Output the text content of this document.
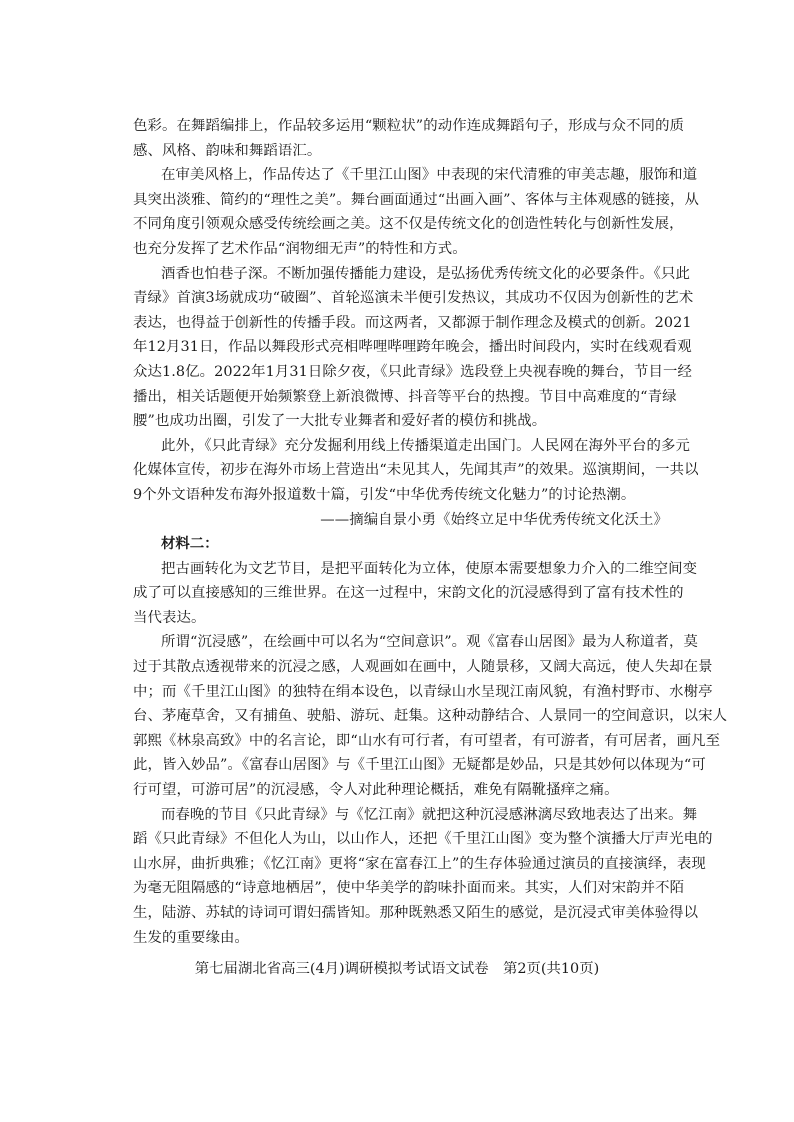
色彩。在舞蹈编排上，作品较多运用“颗粒状”的动作连成舞蹈句子，形成与众不同的质
感、风格、韵味和舞蹈语汇。
在审美风格上，作品传达了《千里江山图》中表现的宋代清雅的审美志趣，服饰和道
具突出淡雅、简约的“理性之美”。舞台画面通过“出画入画”、客体与主体观感的链接，从
不同角度引领观众感受传统绘画之美。这不仅是传统文化的创造性转化与创新性发展，
也充分发挥了艺术作品“润物细无声”的特性和方式。
酒香也怕巷子深。不断加强传播能力建设，是弘扬优秀传统文化的必要条件。《只此
青绿》首演3场就成功“破圈”、首轮巡演未半便引发热议，其成功不仅因为创新性的艺术
表达，也得益于创新性的传播手段。而这两者，又都源于制作理念及模式的创新。2021
年12月31日，作品以舞段形式亮相哔哩哔哩跨年晚会，播出时间段内，实时在线观看观
众达1.8亿。2022年1月31日除夕夜，《只此青绿》选段登上央视春晚的舞台，节目一经
播出，相关话题便开始频繁登上新浪微博、抖音等平台的热搜。节目中高难度的“青绿
腰”也成功出圈，引发了一大批专业舞者和爱好者的模仿和挑战。
此外，《只此青绿》充分发掘利用线上传播渠道走出国门。人民网在海外平台的多元
化媒体宣传，初步在海外市场上营造出“未见其人，先闻其声”的效果。巡演期间，一共以
9个外文语种发布海外报道数十篇，引发“中华优秀传统文化魅力”的讨论热潮。
——摘编自景小勇《始终立足中华优秀传统文化沃土》
材料二：
把古画转化为文艺节目，是把平面转化为立体，使原本需要想象力介入的二维空间变
成了可以直接感知的三维世界。在这一过程中，宋韵文化的沉浸感得到了富有技术性的
当代表达。
所谓“沉浸感”，在绘画中可以名为“空间意识”。观《富春山居图》最为人称道者，莫
过于其散点透视带来的沉浸之感，人观画如在画中，人随景移，又阔大高远，使人失却在景
中；而《千里江山图》的独特在绢本设色，以青绿山水呈现江南风貌，有渔村野市、水榭亭
台、茅庵草舍，又有捕鱼、驶船、游玩、赶集。这种动静结合、人景同一的空间意识，以宋人
郭熙《林泉高致》中的名言论，即“山水有可行者，有可望者，有可游者，有可居者，画凡至
此，皆入妙品”。《富春山居图》与《千里江山图》无疑都是妙品，只是其妙何以体现为“可
行可望，可游可居”的沉浸感，令人对此种理论概括，难免有隔靴搔痒之痛。
而春晚的节目《只此青绿》与《忆江南》就把这种沉浸感淋漓尽致地表达了出来。舞
蹈《只此青绿》不但化人为山，以山作人，还把《千里江山图》变为整个演播大厅声光电的
山水屏，曲折典雅；《忆江南》更将“家在富春江上”的生存体验通过演员的直接演绎，表现
为毫无阻隔感的“诗意地栖居”，使中华美学的韵味扑面而来。其实，人们对宋韵并不陌
生，陆游、苏轼的诗词可谓妇孺皆知。那种既熟悉又陌生的感觉，是沉浸式审美体验得以
生发的重要缘由。
第七届湖北省高三(4月)调研模拟考试语文试卷　第2页(共10页)
